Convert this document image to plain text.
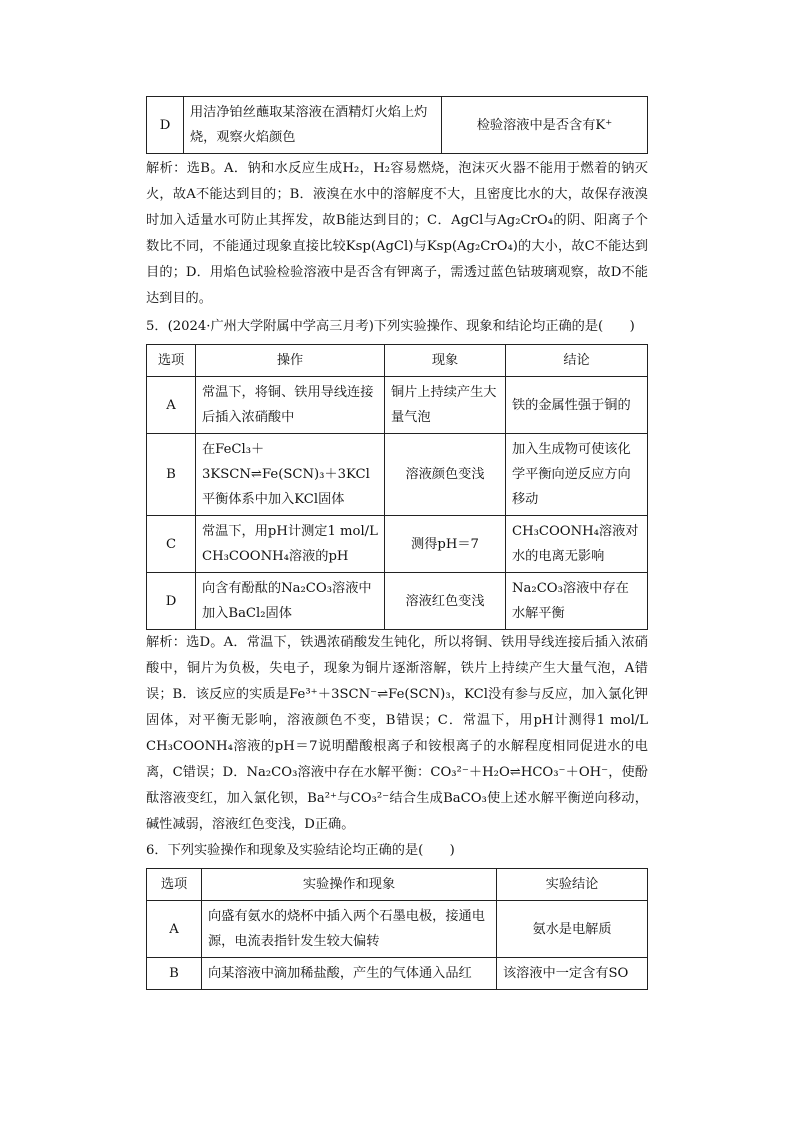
D	用洁净铂丝蘸取某溶液在酒精灯火焰上灼烧，观察火焰颜色	检验溶液中是否含有K⁺

解析：选B。A．钠和水反应生成H₂，H₂容易燃烧，泡沫灭火器不能用于燃着的钠灭火，故A不能达到目的；B．液溴在水中的溶解度不大，且密度比水的大，故保存液溴时加入适量水可防止其挥发，故B能达到目的；C．AgCl与Ag₂CrO₄的阴、阳离子个数比不同，不能通过现象直接比较Ksp(AgCl)与Ksp(Ag₂CrO₄)的大小，故C不能达到目的；D．用焰色试验检验溶液中是否含有钾离子，需透过蓝色钴玻璃观察，故D不能达到目的。

5．(2024·广州大学附属中学高三月考)下列实验操作、现象和结论均正确的是(　　)

选项	操作	现象	结论
A	常温下，将铜、铁用导线连接后插入浓硝酸中	铜片上持续产生大量气泡	铁的金属性强于铜的
B	在FeCl₃＋3KSCN⇌Fe(SCN)₃＋3KCl平衡体系中加入KCl固体	溶液颜色变浅	加入生成物可使该化学平衡向逆反应方向移动
C	常温下，用pH计测定1 mol/L CH₃COONH₄溶液的pH	测得pH＝7	CH₃COONH₄溶液对水的电离无影响
D	向含有酚酞的Na₂CO₃溶液中加入BaCl₂固体	溶液红色变浅	Na₂CO₃溶液中存在水解平衡

解析：选D。A．常温下，铁遇浓硝酸发生钝化，所以将铜、铁用导线连接后插入浓硝酸中，铜片为负极，失电子，现象为铜片逐渐溶解，铁片上持续产生大量气泡，A错误；B．该反应的实质是Fe³⁺＋3SCN⁻⇌Fe(SCN)₃，KCl没有参与反应，加入氯化钾固体，对平衡无影响，溶液颜色不变，B错误；C．常温下，用pH计测得1 mol/L CH₃COONH₄溶液的pH＝7说明醋酸根离子和铵根离子的水解程度相同促进水的电离，C错误；D．Na₂CO₃溶液中存在水解平衡：CO₃²⁻＋H₂O⇌HCO₃⁻＋OH⁻，使酚酞溶液变红，加入氯化钡，Ba²⁺与CO₃²⁻结合生成BaCO₃使上述水解平衡逆向移动，碱性减弱，溶液红色变浅，D正确。

6．下列实验操作和现象及实验结论均正确的是(　　)

选项	实验操作和现象	实验结论
A	向盛有氨水的烧杯中插入两个石墨电极，接通电源，电流表指针发生较大偏转	氨水是电解质
B	向某溶液中滴加稀盐酸，产生的气体通入品红	该溶液中一定含有SO
